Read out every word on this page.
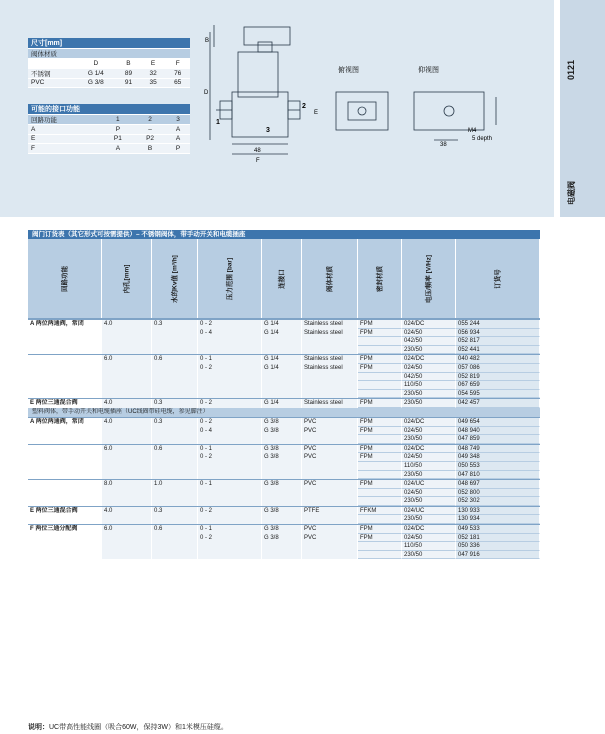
0121
电磁阀
尺寸[mm]				
阀体材质				
	D	B	E	F
不锈钢	G 1/4	89	32	76
PVC	G 3/8	91	35	65
可能的接口功能			
回路功能	1	2	3
A	P	–	A
E	P1	P2	A
F	A	B	P
俯视图	仰视图
5 depth
M4
38
48
B
D
F
E
1
2
3
阀门订货表（其它形式可按需提供）– 不锈钢阀体，带手动开关和电缆插座
回路功能	内孔[mm]	水的Kv值 [m³/h]	压力范围 [bar]	连接口	阀体材质	密封材质	电压/频率 [V/Hz]	订货号
A 两位两通阀，常闭	4.0	0.3	0 - 2	G 1/4	Stainless steel	FPM	024/DC	055 244
0 - 4	G 1/4	Stainless steel	FPM	024/50	056 934
042/50	052 817
230/50	052 441
6.0	0.6	0 - 1	G 1/4	Stainless steel	FPM	024/DC	040 482
0 - 2	G 1/4	Stainless steel	FPM	024/50	057 086
042/50	052 819
110/50	067 659
230/50	054 595
E 两位三通混合阀	4.0	0.3	0 - 2	G 1/4	Stainless steel	FPM	230/50	042 457
塑料阀体，带手动开关和电缆插座（UC线圈带硅电缆，参见脚注）
A 两位两通阀，常闭	4.0	0.3	0 - 2	G 3/8	PVC	FPM	024/DC	049 654
0 - 4	G 3/8	PVC	FPM	024/50	048 940
230/50	047 859
6.0	0.6	0 - 1	G 3/8	PVC	FPM	024/DC	048 749
0 - 2	G 3/8	PVC	FPM	024/50	049 348
110/50	050 553
230/50	047 810
8.0	1.0	0 - 1	G 3/8	PVC	FPM	024/UC	048 697
024/50	052 800
230/50	052 302
E 两位三通混合阀	4.0	0.3	0 - 2	G 3/8	PTFE	FFKM	024/UC	130 933
230/50	130 934
F 两位三通分配阀	6.0	0.6	0 - 1	G 3/8	PVC	FPM	024/DC	049 533
0 - 2	G 3/8	PVC	FPM	024/50	052 181
110/50	050 336
230/50	047 916
说明：UC带高性能线圈（吸合60W，保持3W）和1米模压硅缆。
